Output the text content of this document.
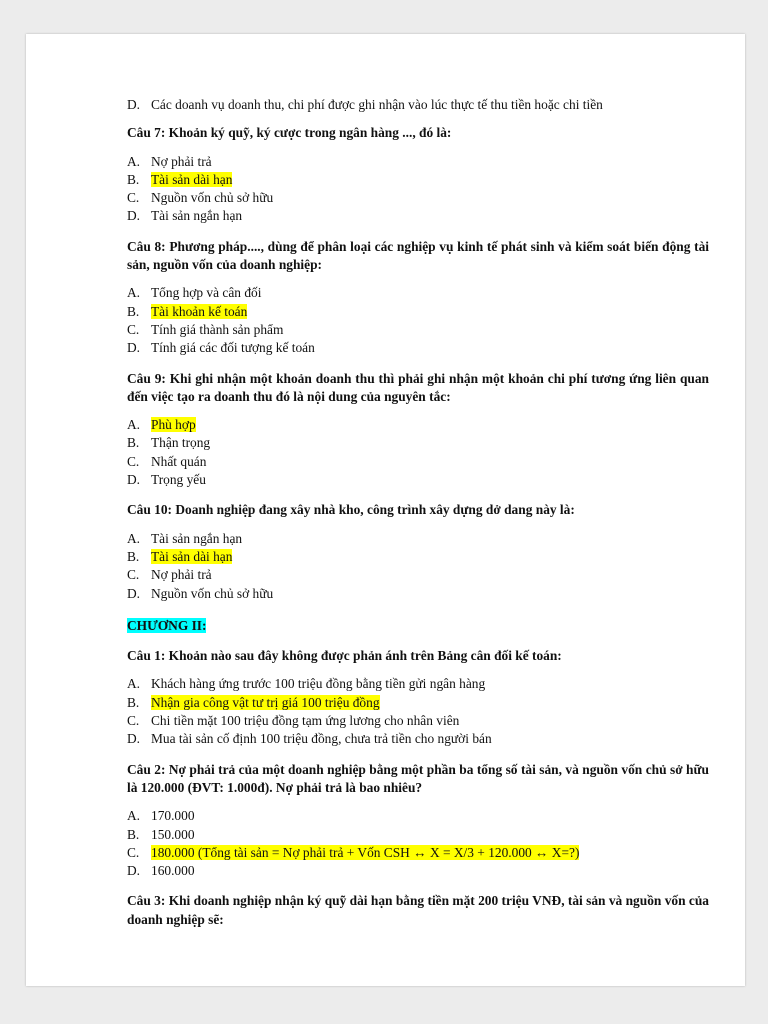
D. Các doanh vụ doanh thu, chi phí được ghi nhận vào lúc thực tế thu tiền hoặc chi tiền
Câu 7: Khoản ký quỹ, ký cược trong ngân hàng ..., đó là:
A. Nợ phải trả
B. Tài sản dài hạn
C. Nguồn vốn chủ sở hữu
D. Tài sản ngắn hạn
Câu 8: Phương pháp...., dùng để phân loại các nghiệp vụ kinh tế phát sinh và kiểm soát biến động tài sản, nguồn vốn của doanh nghiệp:
A. Tổng hợp và cân đối
B. Tài khoản kế toán
C. Tính giá thành sản phẩm
D. Tính giá các đối tượng kế toán
Câu 9: Khi ghi nhận một khoản doanh thu thì phải ghi nhận một khoản chi phí tương ứng liên quan đến việc tạo ra doanh thu đó là nội dung của nguyên tắc:
A. Phù hợp
B. Thận trọng
C. Nhất quán
D. Trọng yếu
Câu 10: Doanh nghiệp đang xây nhà kho, công trình xây dựng dở dang này là:
A. Tài sản ngắn hạn
B. Tài sản dài hạn
C. Nợ phải trả
D. Nguồn vốn chủ sở hữu
CHƯƠNG II:
Câu 1: Khoản nào sau đây không được phản ánh trên Bảng cân đối kế toán:
A. Khách hàng ứng trước 100 triệu đồng bằng tiền gửi ngân hàng
B. Nhận gia công vật tư trị giá 100 triệu đồng
C. Chi tiền mặt 100 triệu đồng tạm ứng lương cho nhân viên
D. Mua tài sản cố định 100 triệu đồng, chưa trả tiền cho người bán
Câu 2: Nợ phải trả của một doanh nghiệp bằng một phần ba tổng số tài sản, và nguồn vốn chủ sở hữu là 120.000 (ĐVT: 1.000đ). Nợ phải trả là bao nhiêu?
A. 170.000
B. 150.000
C. 180.000 (Tổng tài sản = Nợ phải trả + Vốn CSH ↔ X = X/3 + 120.000 ↔ X=?)
D. 160.000
Câu 3: Khi doanh nghiệp nhận ký quỹ dài hạn bằng tiền mặt 200 triệu VNĐ, tài sản và nguồn vốn của doanh nghiệp sẽ:
